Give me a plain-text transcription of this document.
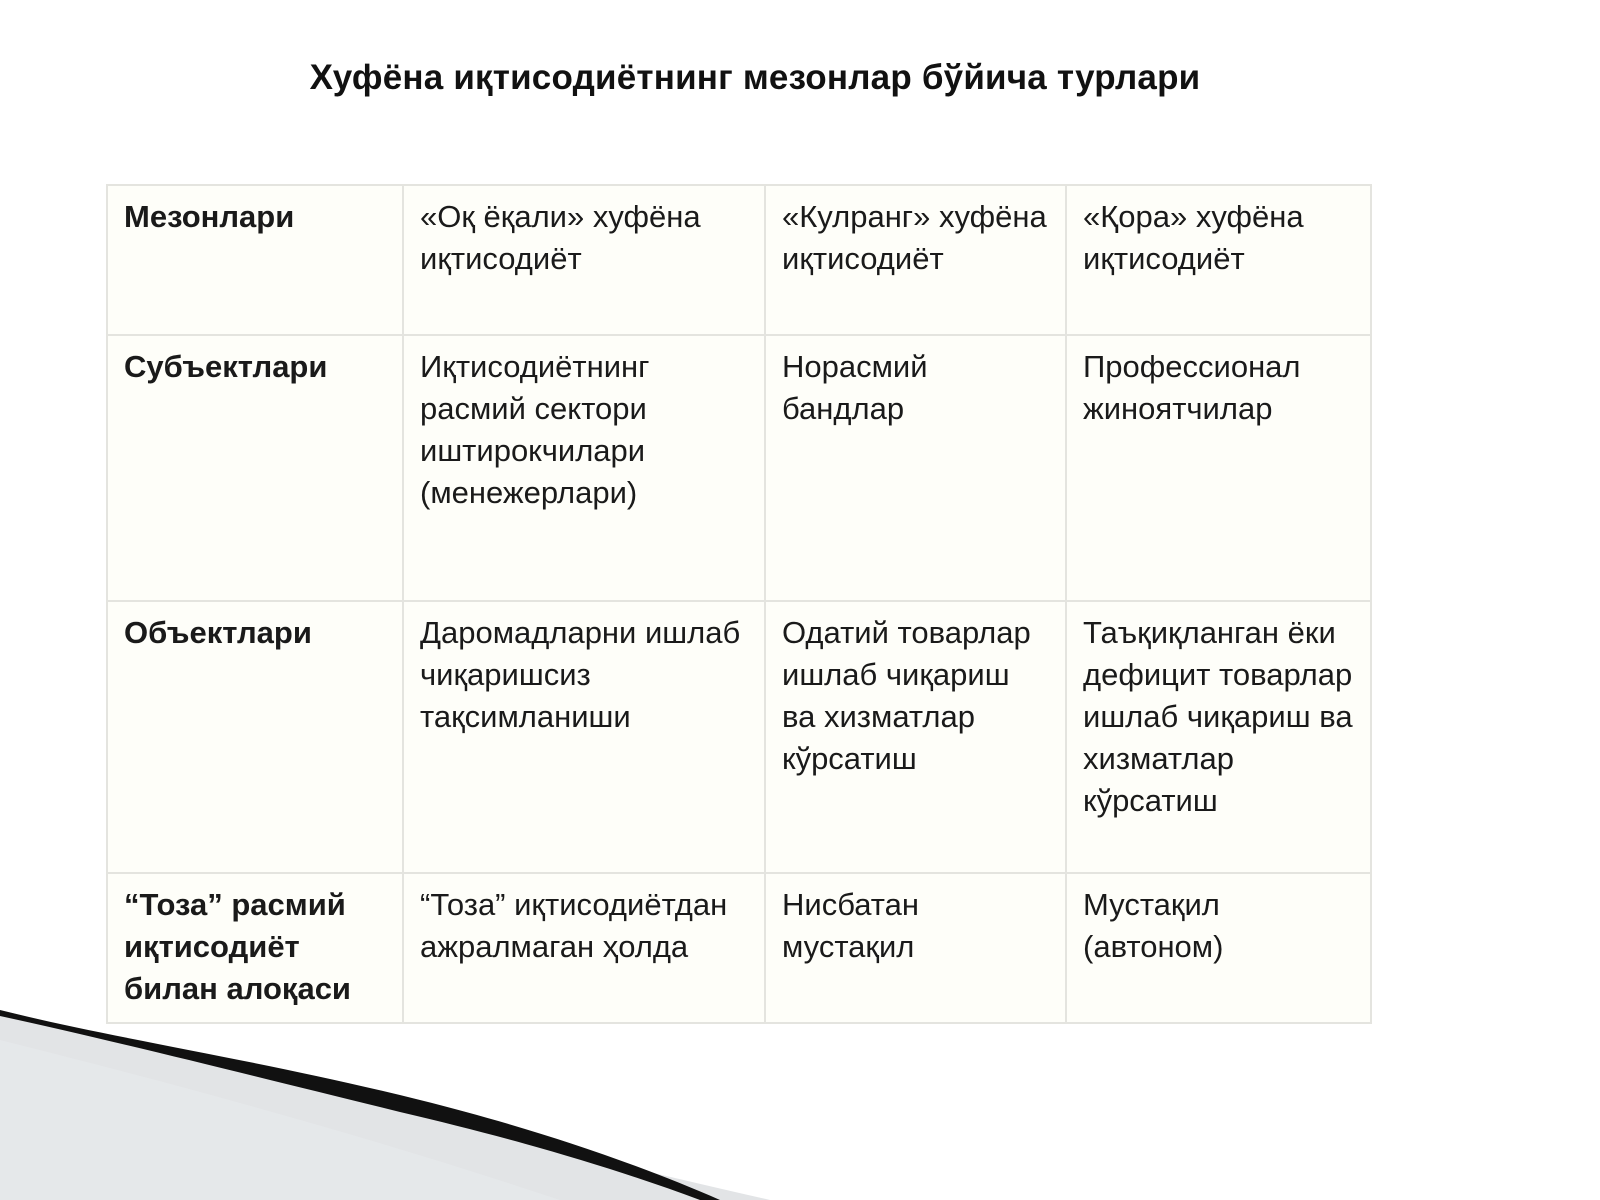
Хуфёна иқтисодиётнинг мезонлар бўйича турлари
Мезонлари	«Оқ ёқали» хуфёна иқтисодиёт	«Кулранг» хуфёна иқтисодиёт	«Қора» хуфёна иқтисодиёт
Субъектлари	Иқтисодиётнинг расмий сектори иштирокчилари (менежерлари)	Норасмий бандлар	Профессионал жиноятчилар
Объектлари	Даромадларни ишлаб чиқаришсиз тақсимланиши	Одатий товарлар ишлаб чиқариш ва хизматлар кўрсатиш	Таъқиқланган ёки дефицит товарлар ишлаб чиқариш ва хизматлар кўрсатиш
“Тоза” расмий иқтисодиёт билан алоқаси	“Тоза” иқтисодиётдан ажралмаган ҳолда	Нисбатан мустақил	Мустақил (автоном)
